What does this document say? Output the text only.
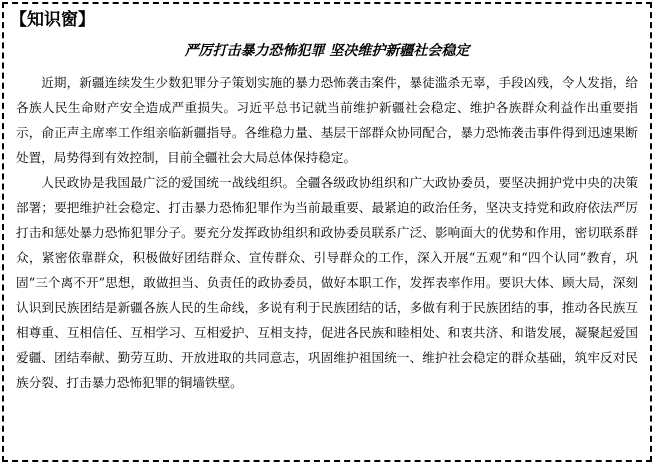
【知识窗】
严厉打击暴力恐怖犯罪 坚决维护新疆社会稳定

近期，新疆连续发生少数犯罪分子策划实施的暴力恐怖袭击案件，暴徒滥杀无辜，手段凶残，令人发指，给各族人民生命财产安全造成严重损失。习近平总书记就当前维护新疆社会稳定、维护各族群众利益作出重要指示，俞正声主席率工作组亲临新疆指导。各维稳力量、基层干部群众协同配合，暴力恐怖袭击事件得到迅速果断处置，局势得到有效控制，目前全疆社会大局总体保持稳定。

人民政协是我国最广泛的爱国统一战线组织。全疆各级政协组织和广大政协委员，要坚决拥护党中央的决策部署；要把维护社会稳定、打击暴力恐怖犯罪作为当前最重要、最紧迫的政治任务，坚决支持党和政府依法严厉打击和惩处暴力恐怖犯罪分子。要充分发挥政协组织和政协委员联系广泛、影响面大的优势和作用，密切联系群众，紧密依靠群众，积极做好团结群众、宣传群众、引导群众的工作，深入开展“五观”和“四个认同”教育，巩固“三个离不开”思想，敢做担当、负责任的政协委员，做好本职工作，发挥表率作用。要识大体、顾大局，深刻认识到民族团结是新疆各族人民的生命线，多说有利于民族团结的话，多做有利于民族团结的事，推动各民族互相尊重、互相信任、互相学习、互相爱护、互相支持，促进各民族和睦相处、和衷共济、和谐发展，凝聚起爱国爱疆、团结奉献、勤劳互助、开放进取的共同意志，巩固维护祖国统一、维护社会稳定的群众基础，筑牢反对民族分裂、打击暴力恐怖犯罪的铜墙铁壁。
